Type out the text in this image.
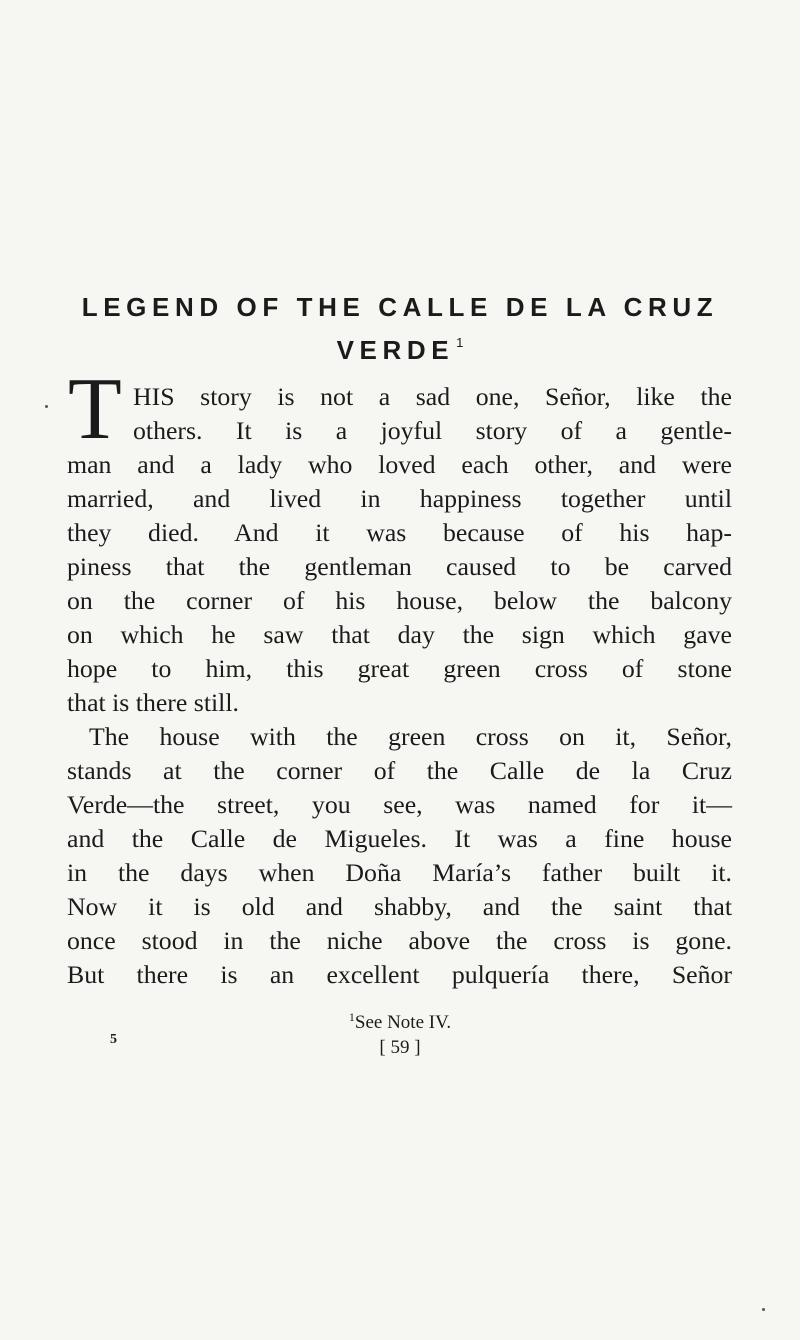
LEGEND OF THE CALLE DE LA CRUZ
VERDE $^1$
T HIS story is not a sad one, Señor, like the
others. It is a joyful story of a gentle-
man and a lady who loved each other, and were
married, and lived in happiness together until
they died. And it was because of his hap-
piness that the gentleman caused to be carved
on the corner of his house, below the balcony
on which he saw that day the sign which gave
hope to him, this great green cross of stone
that is there still.
The house with the green cross on it, Señor,
stands at the corner of the Calle de la Cruz
Verde—the street, you see, was named for it—
and the Calle de Migueles. It was a fine house
in the days when Doña María’s father built it.
Now it is old and shabby, and the saint that
once stood in the niche above the cross is gone.
But there is an excellent pulquería there, Señor
$^1$See Note IV.
5	[ 59 ]
